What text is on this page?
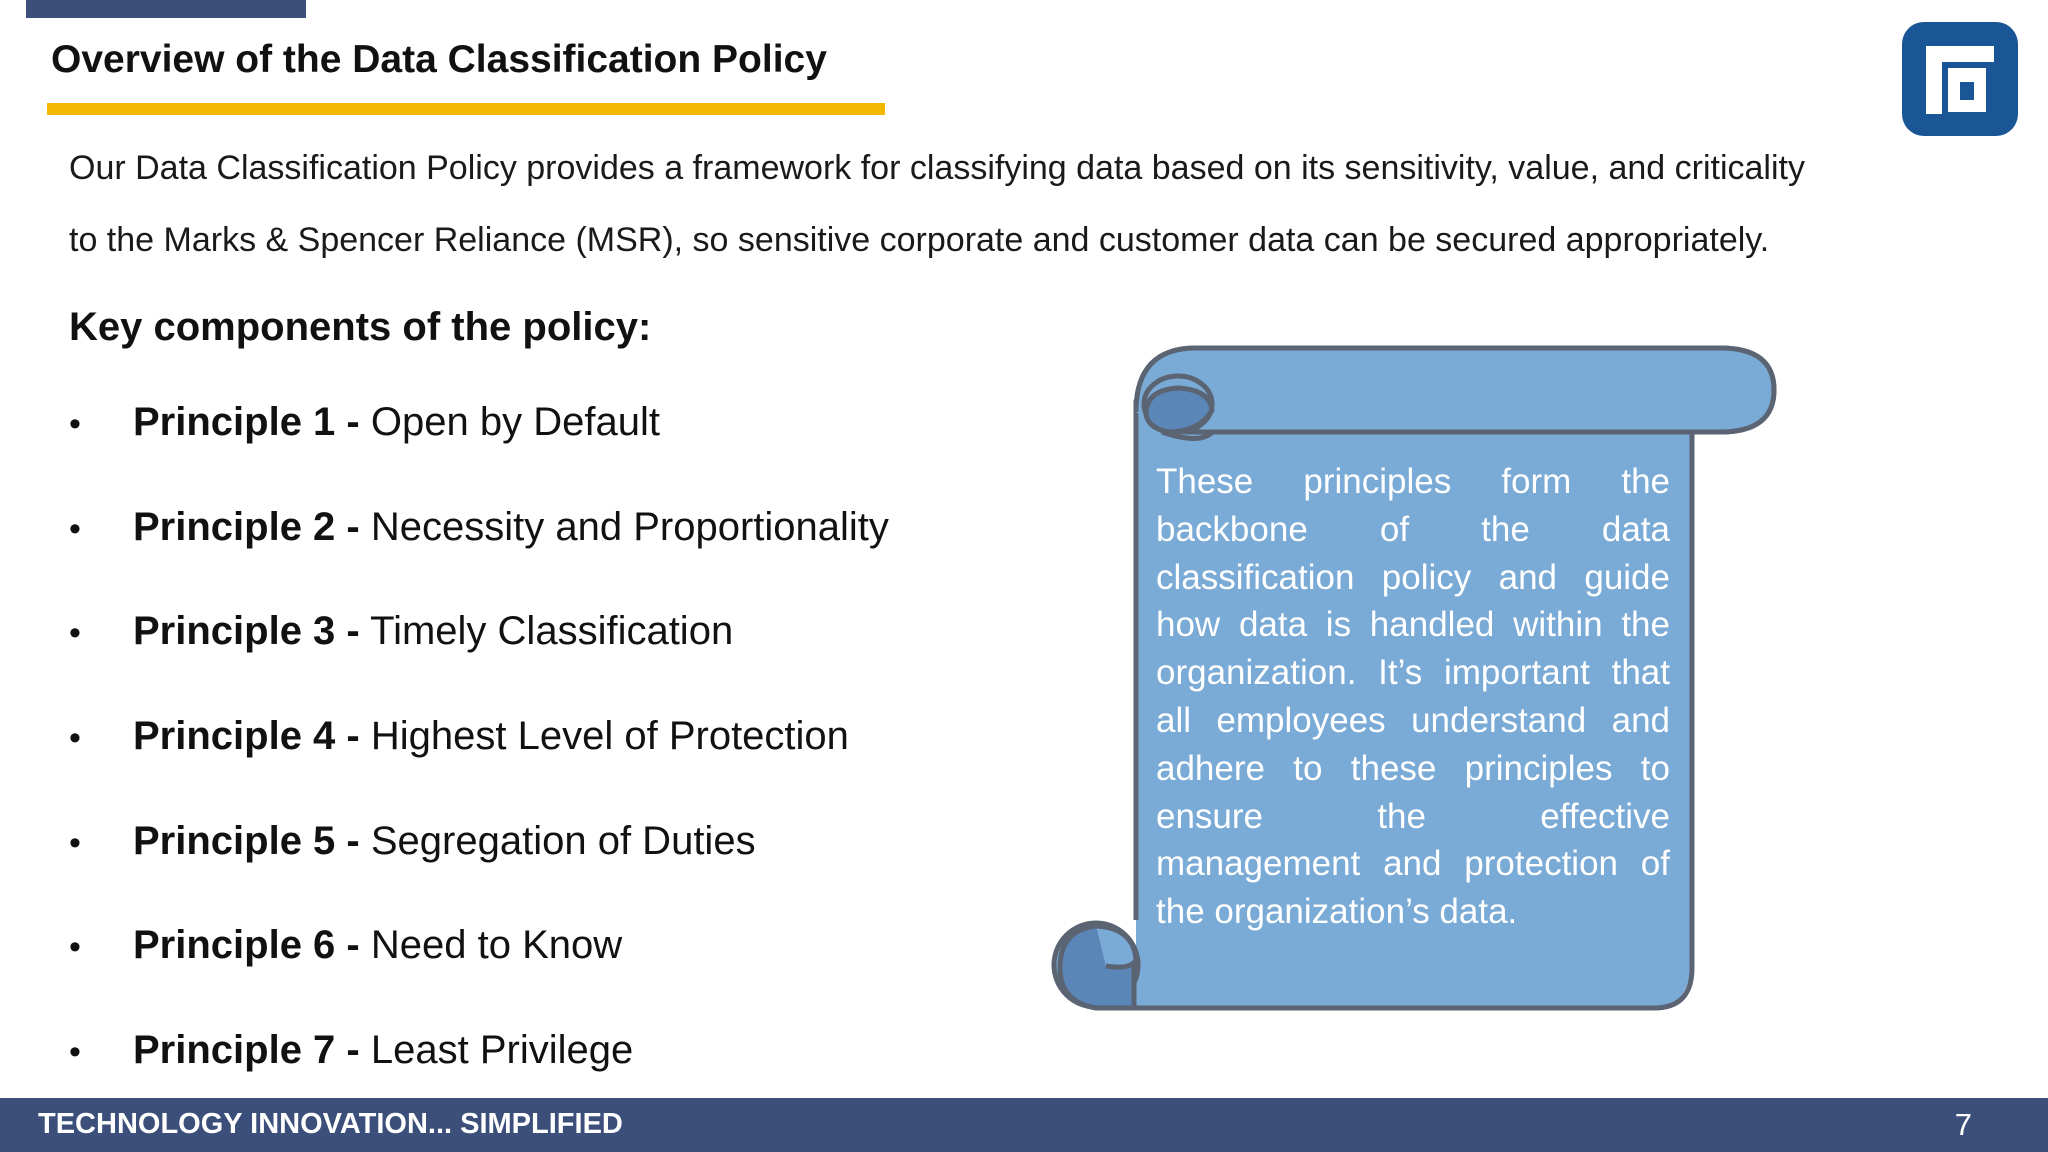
Overview of the Data Classification Policy
Our Data Classification Policy provides a framework for classifying data based on its sensitivity, value, and criticality
to the Marks & Spencer Reliance (MSR), so sensitive corporate and customer data can be secured appropriately.
Key components of the policy:
•	Principle 1 - Open by Default
•	Principle 2 - Necessity and Proportionality
•	Principle 3 - Timely Classification
•	Principle 4 - Highest Level of Protection
•	Principle 5 - Segregation of Duties
•	Principle 6 - Need to Know
•	Principle 7 - Least Privilege
These principles form the backbone of the data classification policy and guide how data is handled within the organization. It’s important that all employees understand and adhere to these principles to ensure the effective management and protection of the organization’s data.
TECHNOLOGY INNOVATION... SIMPLIFIED	7
